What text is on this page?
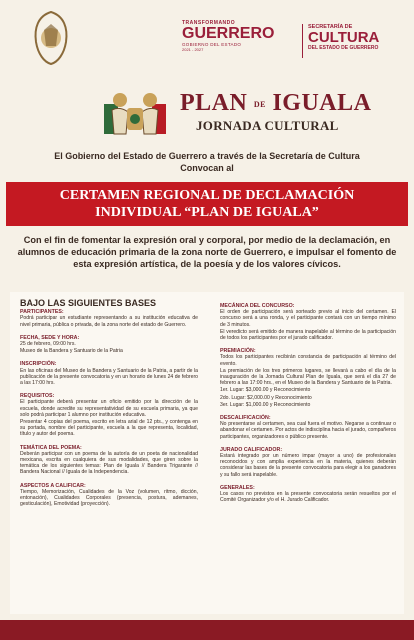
TRANSFORMANDO
GUERRERO
GOBIERNO DEL ESTADO
2021 - 2027
SECRETARÍA DE
CULTURA
DEL ESTADO DE GUERRERO
PLAN DE IGUALA
JORNADA CULTURAL
El Gobierno del Estado de Guerrero a través de la Secretaría de Cultura
Convocan al
CERTAMEN REGIONAL DE DECLAMACIÓN
INDIVIDUAL “PLAN DE IGUALA”
Con el fin de fomentar la expresión oral y corporal, por medio de la declamación, en alumnos de educación primaria de la zona norte de Guerrero, e impulsar el fomento de esta expresión artística, de la poesía y de los valores cívicos.
BAJO LAS SIGUIENTES BASES
PARTICIPANTES:
Podrá participar un estudiante representando a su institución educativa de nivel primaria, pública o privada, de la zona norte del estado de Guerrero.
FECHA, SEDE Y HORA:
25 de febrero, 09:00 hrs.
Museo de la Bandera y Santuario de la Patria
INSCRIPCIÓN:
En las oficinas del Museo de la Bandera y Santuario de la Patria, a partir de la publicación de la presente convocatoria y en un horario de lunes 24 de febrero a las 17:00 hrs.
REQUISITOS:
El participante deberá presentar un oficio emitido por la dirección de la escuela, donde acredite su representatividad de su escuela primaria, ya que solo podrá participar 1 alumno por institución educativa.
Presentar 4 copias del poema, escrito en letra arial de 12 pts., y contenga en su portada, nombre del participante, escuela a la que representa, localidad, título y autor del poema.
TEMÁTICA DEL POEMA:
Deberán participar con un poema de la autoría de un poeta de nacionalidad mexicana, escrita en cualquiera de sus modalidades, que giren sobre la temática de los siguientes temas: Plan de Iguala // Bandera Trigarante // Bandera Nacional // Iguala de la Independencia.
ASPECTOS A CALIFICAR:
Tiempo, Memorización, Cualidades de la Voz (volumen, ritmo, dicción, entonación), Cualidades Corporales (presencia, postura, ademanes, gesticulación), Emotividad (proyección).
MECÁNICA DEL CONCURSO:
El orden de participación será sorteado previo al inicio del certamen. El concurso será a una ronda, y el participante contará con un tiempo mínimo de 3 minutos.
El veredicto será emitido de manera inapelable al término de la participación de todos los participantes por el jurado calificador.
PREMIACIÓN:
Todos los participantes recibirán constancia de participación al término del evento.
La premiación de los tres primeros lugares, se llevará a cabo el día de la inauguración de la Jornada Cultural Plan de Iguala, que será el día 27 de febrero a las 17:00 hrs., en el Museo de la Bandera y Santuario de la Patria.
1er. Lugar: $3,000.00 y Reconocimiento
2do. Lugar: $2,000.00 y Reconocimiento
3er. Lugar: $1,000.00 y Reconocimiento
DESCALIFICACIÓN:
No presentarse al certamen, sea cual fuera el motivo. Negarse a continuar o abandonar el certamen. Por actos de indisciplina hacia el jurado, compañeros participantes, organizadores o público presente.
JURADO CALIFICADOR:
Estará integrado por un número impar (mayor a uno) de profesionales reconocidos y con amplia experiencia en la materia, quienes deberán considerar las bases de la presente convocatoria para elegir a los ganadores y su fallo será inapelable.
GENERALES:
Los casos no previstos en la presente convocatoria serán resueltos por el Comité Organizador y/o el H. Jurado Calificador.
